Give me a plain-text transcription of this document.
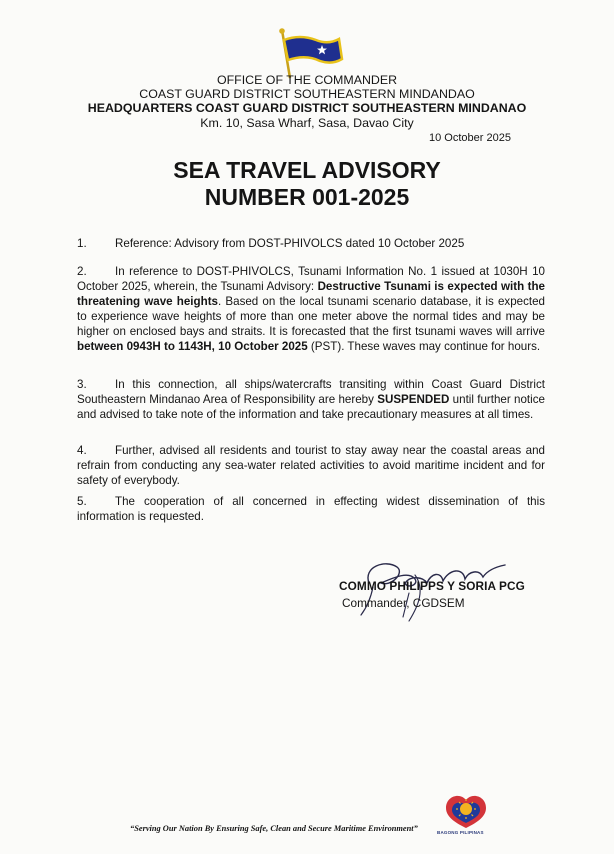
OFFICE OF THE COMMANDER
COAST GUARD DISTRICT SOUTHEASTERN MINDANDAO
HEADQUARTERS COAST GUARD DISTRICT SOUTHEASTERN MINDANAO
Km. 10, Sasa Wharf, Sasa, Davao City
10 October 2025
SEA TRAVEL ADVISORY
NUMBER 001-2025
1. Reference: Advisory from DOST-PHIVOLCS dated 10 October 2025
2. In reference to DOST-PHIVOLCS, Tsunami Information No. 1 issued at 1030H 10 October 2025, wherein, the Tsunami Advisory: Destructive Tsunami is expected with the threatening wave heights. Based on the local tsunami scenario database, it is expected to experience wave heights of more than one meter above the normal tides and may be higher on enclosed bays and straits. It is forecasted that the first tsunami waves will arrive between 0943H to 1143H, 10 October 2025 (PST). These waves may continue for hours.
3. In this connection, all ships/watercrafts transiting within Coast Guard District Southeastern Mindanao Area of Responsibility are hereby SUSPENDED until further notice and advised to take note of the information and take precautionary measures at all times.
4. Further, advised all residents and tourist to stay away near the coastal areas and refrain from conducting any sea-water related activities to avoid maritime incident and for safety of everybody.
5. The cooperation of all concerned in effecting widest dissemination of this information is requested.
COMMO PHILIPPS Y SORIA PCG
Commander, CGDSEM
“Serving Our Nation By Ensuring Safe, Clean and Secure Maritime Environment”	BAGONG PILIPINAS
